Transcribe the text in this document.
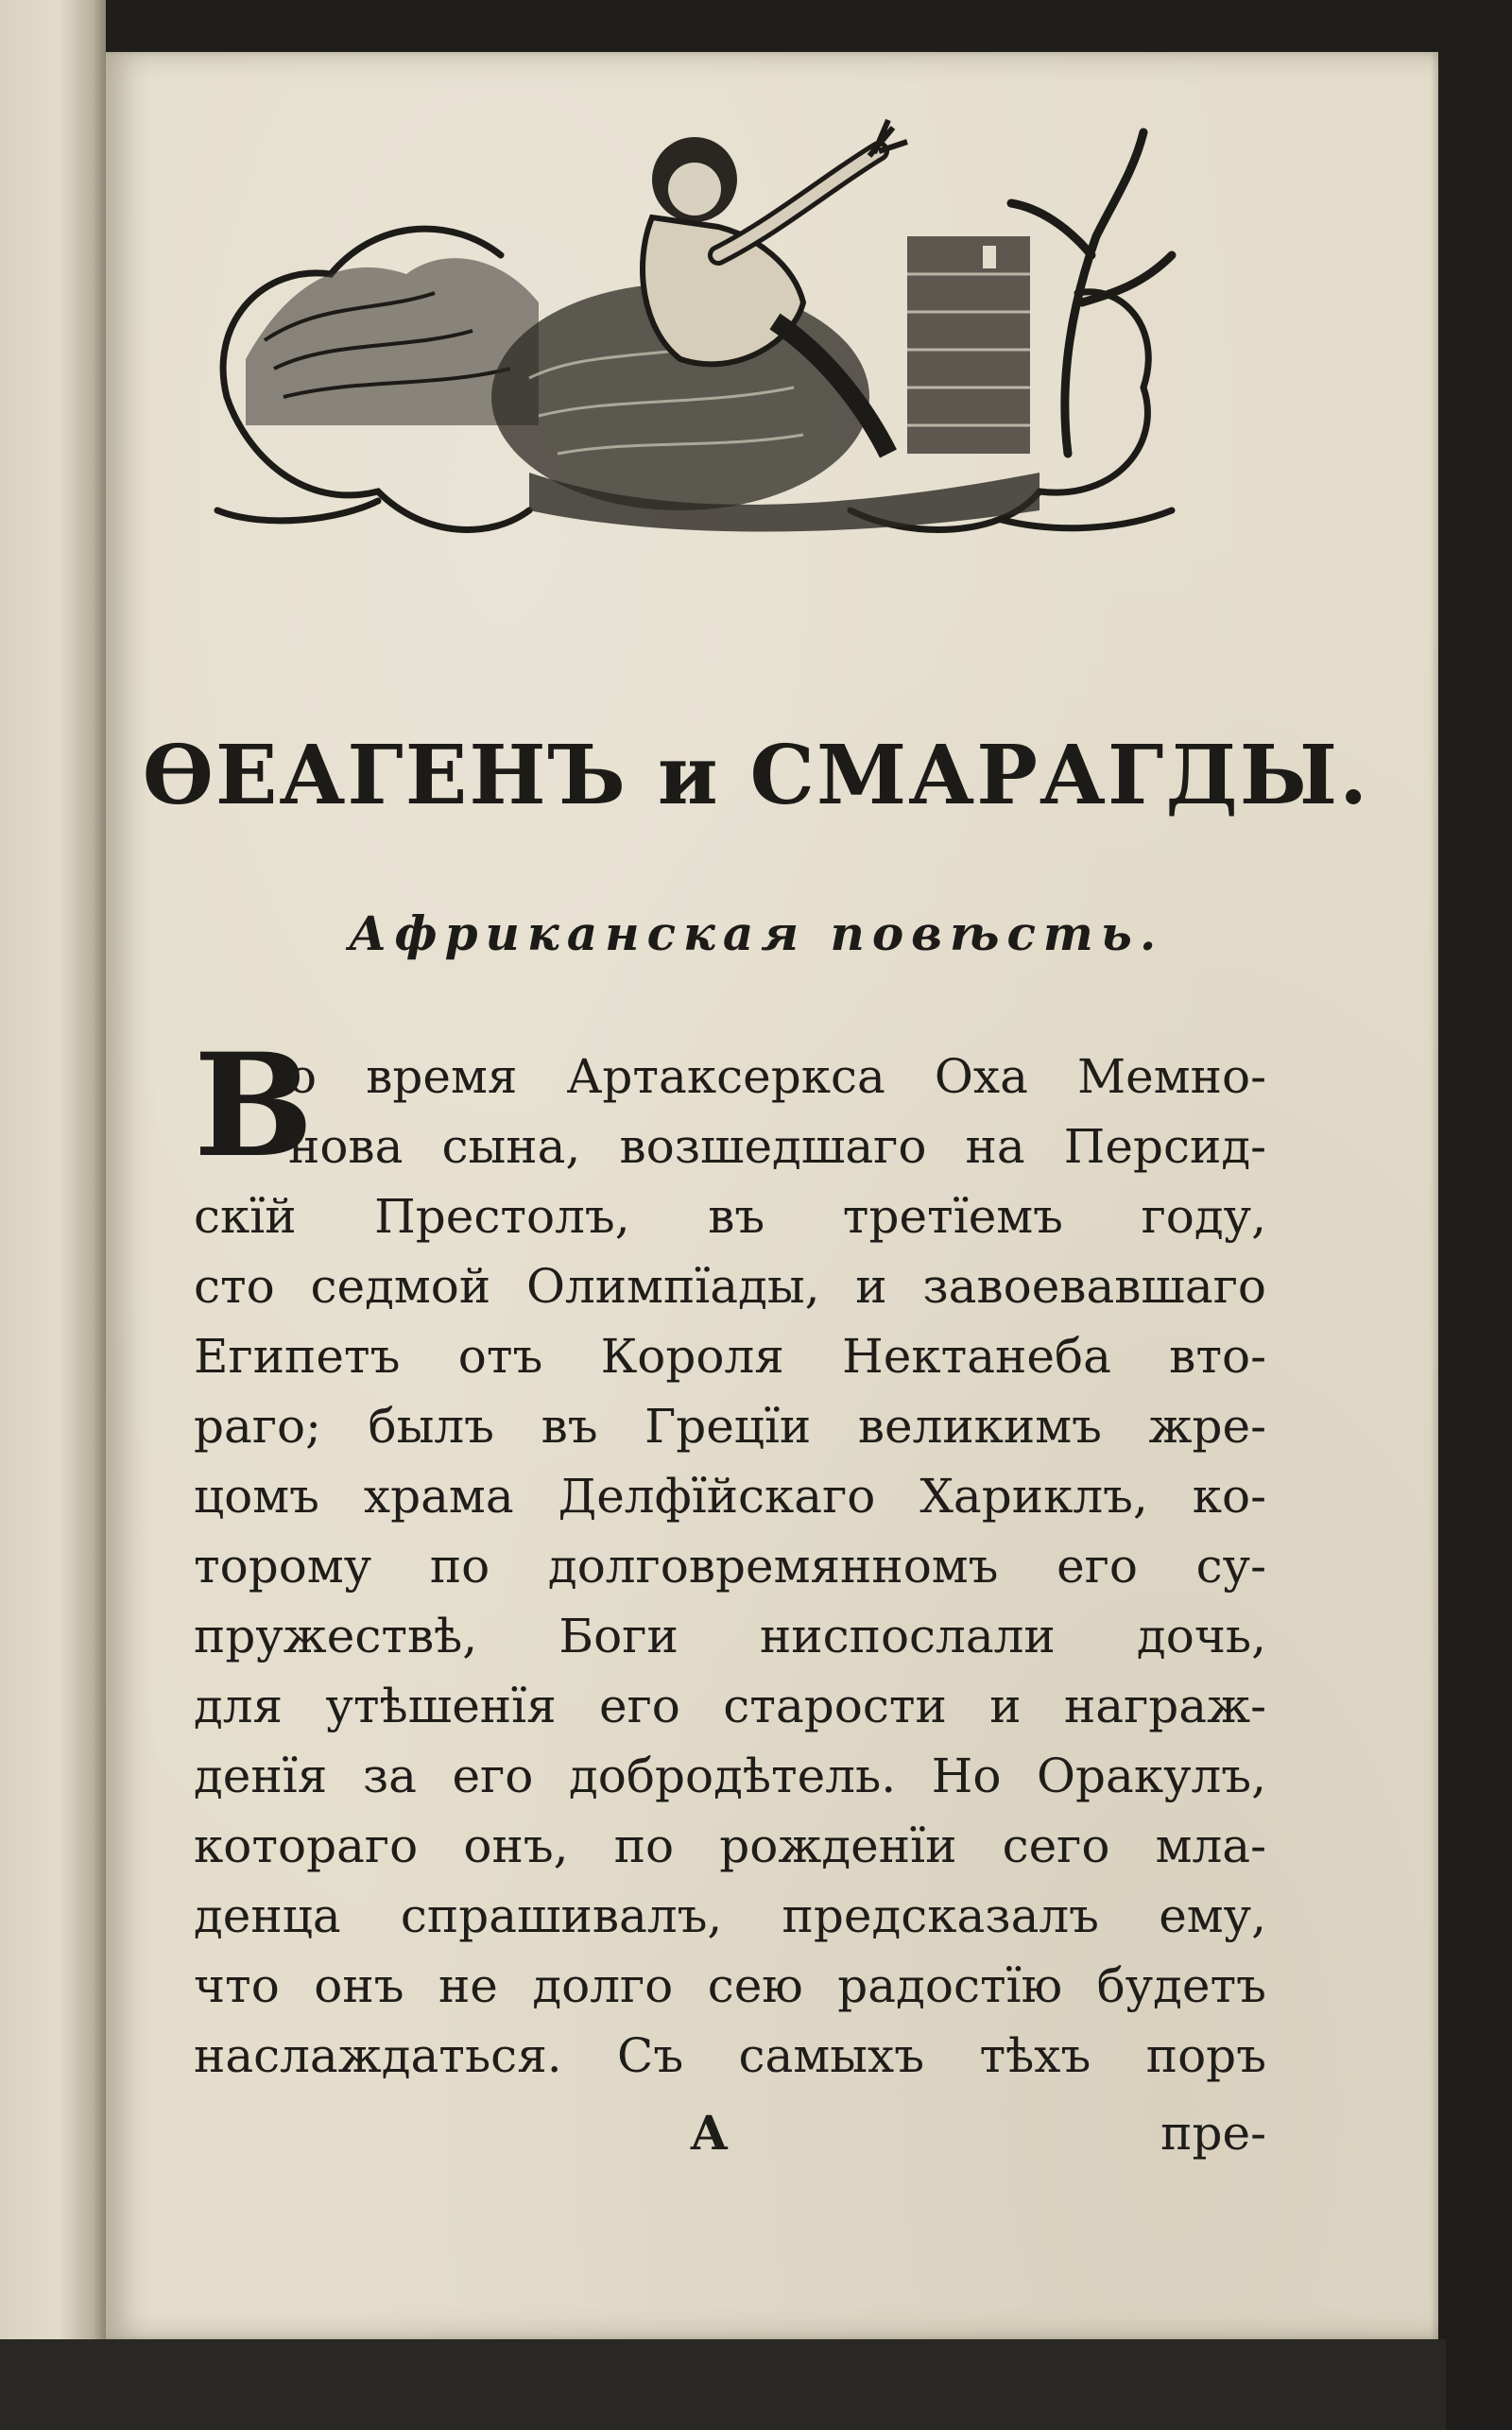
ѲЕАГЕНЪ и СМАРАГДЫ.
Африканская повѣсть.
В
о время Артаксеркса Оха Мемно-
нова сына, возшедшаго на Персид-
скїй Престолъ, въ третїемъ году,
сто седмой Олимпїады, и завоевавшаго
Египетъ отъ Короля Нектанеба вто-
раго; былъ въ Грецїи великимъ жре-
цомъ храма Делфїйскаго Хариклъ, ко-
торому по долговремянномъ его су-
пружествѣ, Боги ниспослали дочь,
для утѣшенїя его старости и награж-
денїя за его добродѣтель. Но Оракулъ,
котораго онъ, по рожденїи сего мла-
денца спрашивалъ, предсказалъ ему,
что онъ не долго сею радостїю будетъ
наслаждаться. Съ самыхъ тѣхъ поръ
А	пре-
